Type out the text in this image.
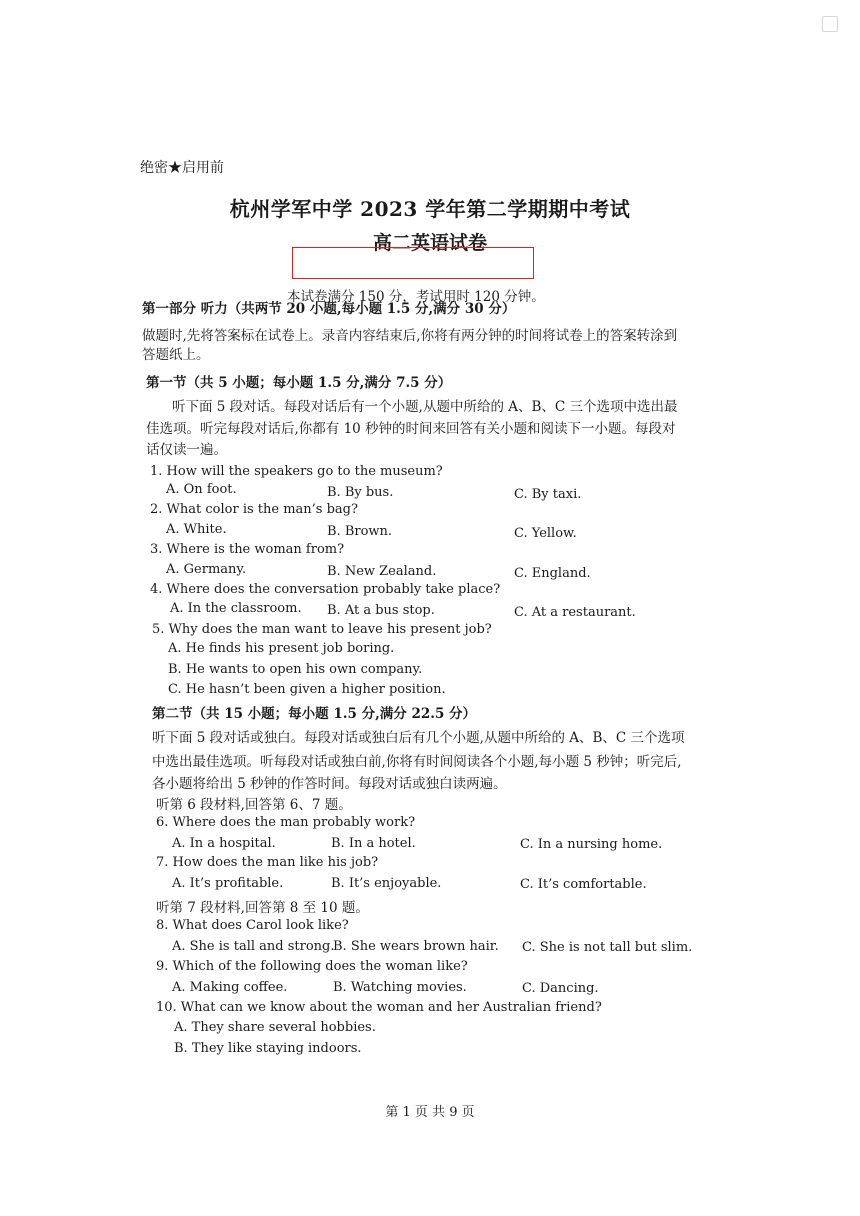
绝密★启用前
杭州学军中学 2023 学年第二学期期中考试
高二英语试卷
本试卷满分 150 分，考试用时 120 分钟。
第一部分 听力（共两节 20 小题,每小题 1.5 分,满分 30 分）
做题时,先将答案标在试卷上。录音内容结束后,你将有两分钟的时间将试卷上的答案转涂到
答题纸上。
第一节（共 5 小题；每小题 1.5 分,满分 7.5 分）
听下面 5 段对话。每段对话后有一个小题,从题中所给的 A、B、C 三个选项中选出最
佳选项。听完每段对话后,你都有 10 秒钟的时间来回答有关小题和阅读下一小题。每段对
话仅读一遍。
1. How will the speakers go to the museum?
A. On foot.	B. By bus.	C. By taxi.
2. What color is the man’s bag?
A. White.	B. Brown.	C. Yellow.
3. Where is the woman from?
A. Germany.	B. New Zealand.	C. England.
4. Where does the conversation probably take place?
A. In the classroom. B. At a bus stop.	C. At a restaurant.
5. Why does the man want to leave his present job?
A. He finds his present job boring.
B. He wants to open his own company.
C. He hasn’t been given a higher position.
第二节（共 15 小题；每小题 1.5 分,满分 22.5 分）
听下面 5 段对话或独白。每段对话或独白后有几个小题,从题中所给的 A、B、C 三个选项
中选出最佳选项。听每段对话或独白前,你将有时间阅读各个小题,每小题 5 秒钟；听完后,
各小题将给出 5 秒钟的作答时间。每段对话或独白读两遍。
听第 6 段材料,回答第 6、7 题。
6. Where does the man probably work?
A. In a hospital.	B. In a hotel.	C. In a nursing home.
7. How does the man like his job?
A. It’s profitable.	B. It’s enjoyable.	C. It’s comfortable.
听第 7 段材料,回答第 8 至 10 题。
8. What does Carol look like?
A. She is tall and strong.
B. She wears brown hair. C. She is not tall but slim.
9. Which of the following does the woman like?
A. Making coffee.	B. Watching movies.	C. Dancing.
10. What can we know about the woman and her Australian friend?
A. They share several hobbies.
B. They like staying indoors.
第 1 页 共 9 页
